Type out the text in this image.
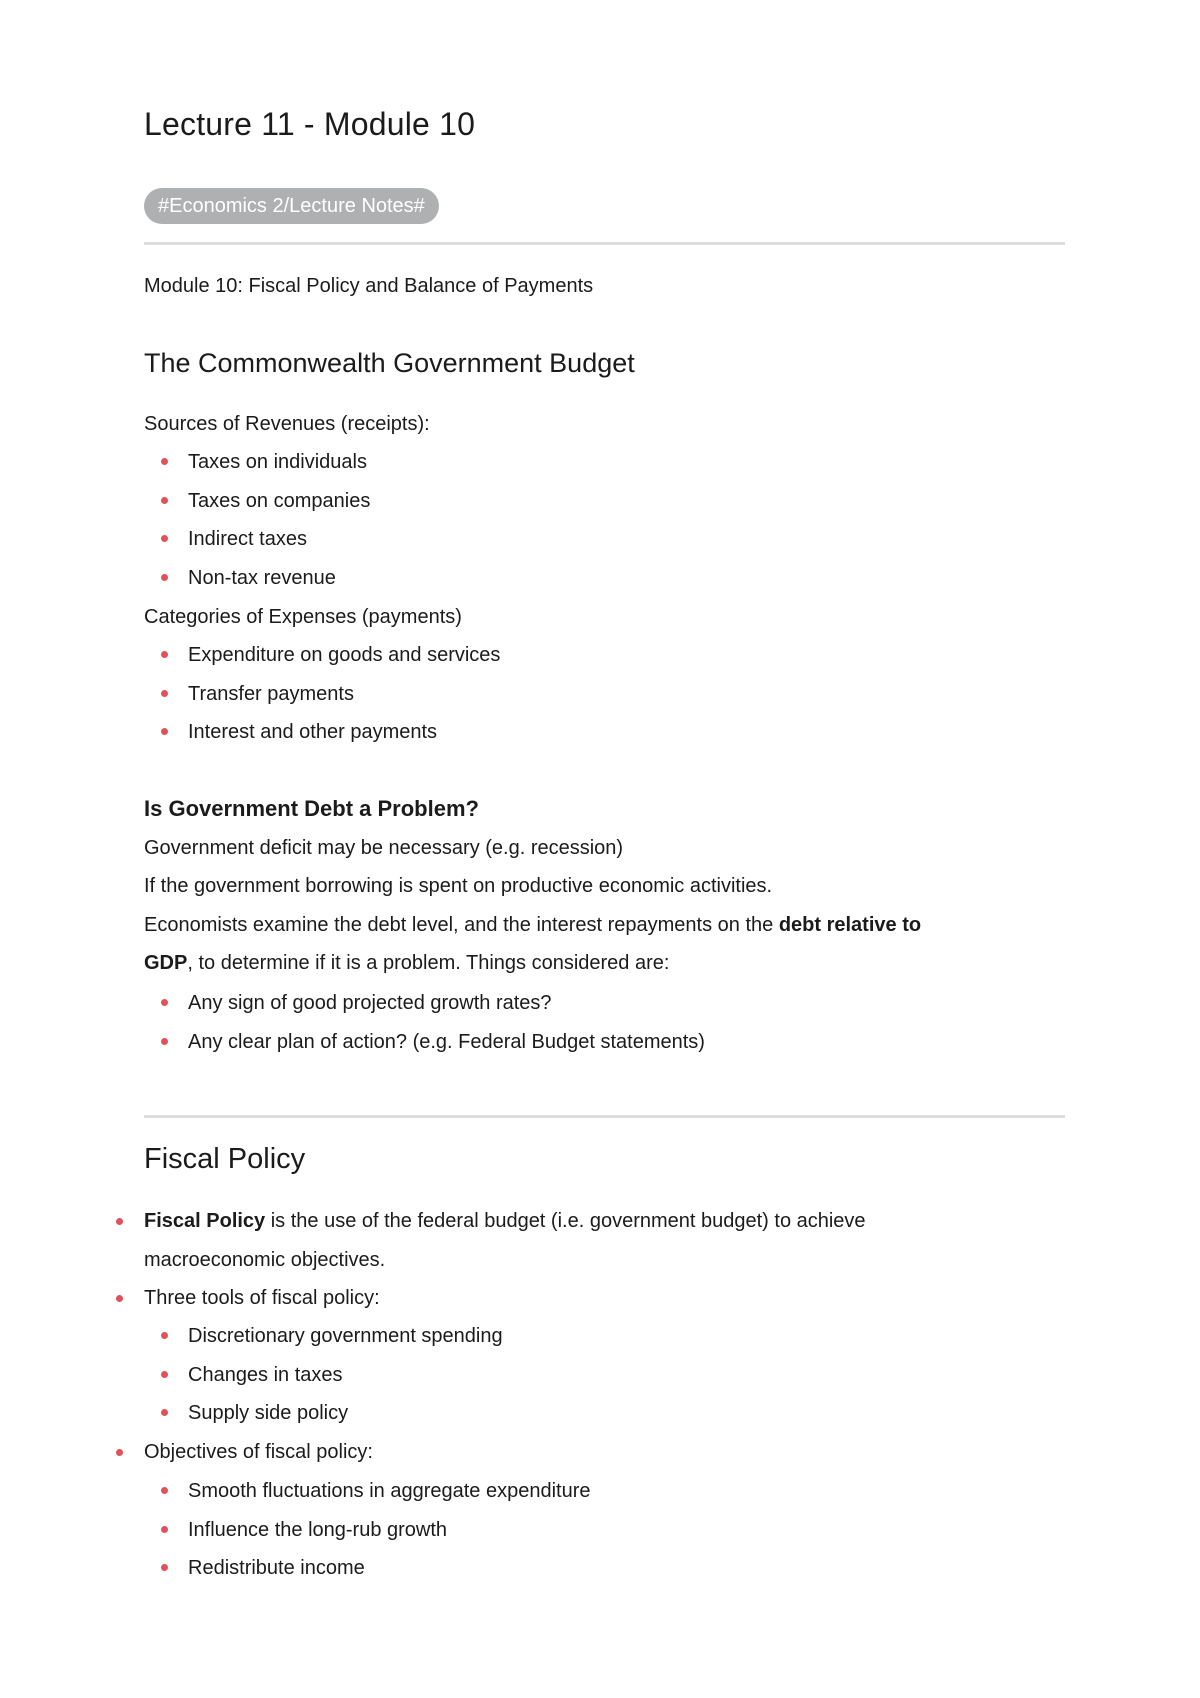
Lecture 11 - Module 10
#Economics 2/Lecture Notes#

Module 10: Fiscal Policy and Balance of Payments

The Commonwealth Government Budget

Sources of Revenues (receipts):

Taxes on individuals
Taxes on companies
Indirect taxes
Non-tax revenue

Categories of Expenses (payments)

Expenditure on goods and services
Transfer payments
Interest and other payments
Is Government Debt a Problem?

Government deficit may be necessary (e.g. recession)

If the government borrowing is spent on productive economic activities.

Economists examine the debt level, and the interest repayments on the debt relative to

GDP, to determine if it is a problem. Things considered are:

Any sign of good projected growth rates?
Any clear plan of action? (e.g. Federal Budget statements)
Fiscal Policy
Fiscal Policy is the use of the federal budget (i.e. government budget) to achieve
macroeconomic objectives.
Three tools of fiscal policy:
Discretionary government spending
Changes in taxes
Supply side policy
Objectives of fiscal policy:
Smooth fluctuations in aggregate expenditure
Influence the long-rub growth
Redistribute income
